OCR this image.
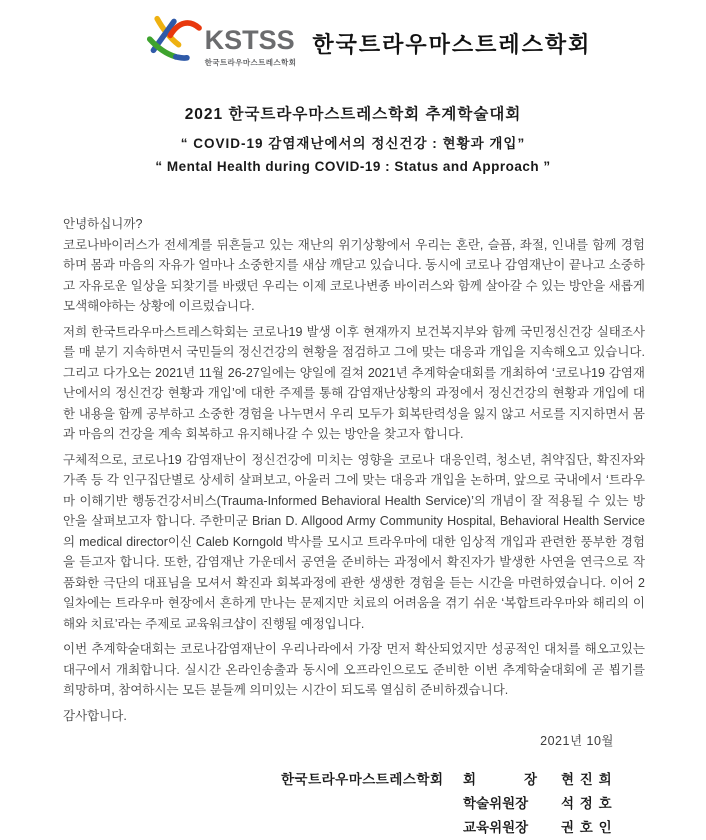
KSTSS
한국트라우마스트레스학회
한국트라우마스트레스학회
2021 한국트라우마스트레스학회 추계학술대회
“ COVID-19 감염재난에서의 정신건강 : 현황과 개입”
“ Mental Health during COVID-19 : Status and Approach ”

안녕하십니까?

코로나바이러스가 전세계를 뒤흔들고 있는 재난의 위기상황에서 우리는 혼란, 슬픔, 좌절, 인내를 함께 경험하며 몸과 마음의 자유가 얼마나 소중한지를 새삼 깨닫고 있습니다. 동시에 코로나 감염재난이 끝나고 소중하고 자유로운 일상을 되찾기를 바랬던 우리는 이제 코로나변종 바이러스와 함께 살아갈 수 있는 방안을 새롭게 모색해야하는 상황에 이르렀습니다.

저희 한국트라우마스트레스학회는 코로나19 발생 이후 현재까지 보건복지부와 함께 국민정신건강 실태조사를 매 분기 지속하면서 국민들의 정신건강의 현황을 점검하고 그에 맞는 대응과 개입을 지속해오고 있습니다. 그리고 다가오는 2021년 11월 26-27일에는 양일에 걸쳐 2021년 추계학술대회를 개최하여 ‘코로나19 감염재난에서의 정신건강 현황과 개입’에 대한 주제를 통해 감염재난상황의 과정에서 정신건강의 현황과 개입에 대한 내용을 함께 공부하고 소중한 경험을 나누면서 우리 모두가 회복탄력성을 잃지 않고 서로를 지지하면서 몸과 마음의 건강을 계속 회복하고 유지해나갈 수 있는 방안을 찾고자 합니다.

구체적으로, 코로나19 감염재난이 정신건강에 미치는 영향을 코로나 대응인력, 청소년, 취약집단, 확진자와 가족 등 각 인구집단별로 상세히 살펴보고, 아울러 그에 맞는 대응과 개입을 논하며, 앞으로 국내에서 ‘트라우마 이해기반 행동건강서비스(Trauma-Informed Behavioral Health Service)’의 개념이 잘 적용될 수 있는 방안을 살펴보고자 합니다. 주한미군 Brian D. Allgood Army Community Hospital, Behavioral Health Service의 medical director이신 Caleb Korngold 박사를 모시고 트라우마에 대한 임상적 개입과 관련한 풍부한 경험을 듣고자 합니다. 또한, 감염재난 가운데서 공연을 준비하는 과정에서 확진자가 발생한 사연을 연극으로 작품화한 극단의 대표님을 모셔서 확진과 회복과정에 관한 생생한 경험을 듣는 시간을 마련하였습니다. 이어 2일차에는 트라우마 현장에서 흔하게 만나는 문제지만 치료의 어려움을 겪기 쉬운 ‘복합트라우마와 해리의 이해와 치료’라는 주제로 교육워크샵이 진행될 예정입니다.

이번 추계학술대회는 코로나감염재난이 우리나라에서 가장 먼저 확산되었지만 성공적인 대처를 해오고있는 대구에서 개최합니다. 실시간 온라인송출과 동시에 오프라인으로도 준비한 이번 추계학술대회에 곧 뵙기를 희망하며, 참여하시는 모든 분들께 의미있는 시간이 되도록 열심히 준비하겠습니다.

감사합니다.

2021년 10월
한국트라우마스트레스학회	회 장 현 진 희
학술위원장	석 정 호
교육위원장	권 호 인
